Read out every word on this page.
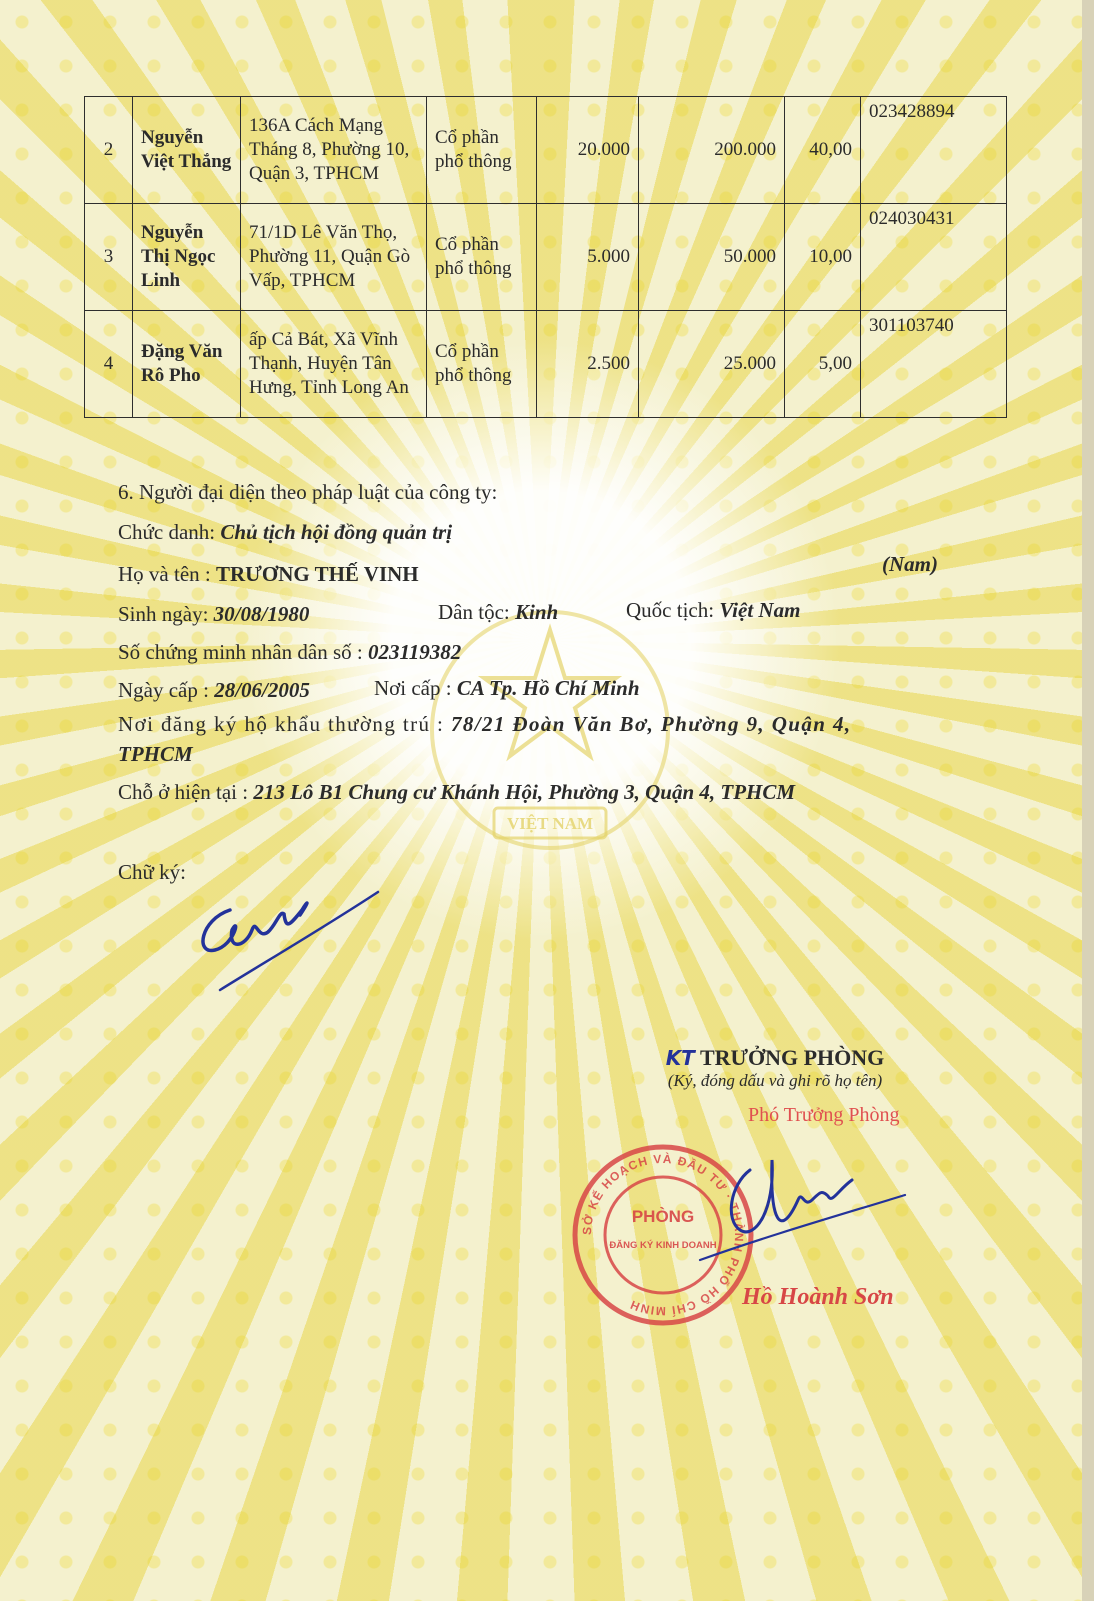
VIỆT NAM
2	Nguyễn Việt Thắng	136A Cách Mạng Tháng 8, Phường 10, Quận 3, TPHCM	Cổ phần phổ thông	20.000	200.000	40,00	023428894
3	Nguyễn Thị Ngọc Linh	71/1D Lê Văn Thọ, Phường 11, Quận Gò Vấp, TPHCM	Cổ phần phổ thông	5.000	50.000	10,00	024030431
4	Đặng Văn Rô Pho	ấp Cả Bát, Xã Vĩnh Thạnh, Huyện Tân Hưng, Tỉnh Long An	Cổ phần phổ thông	2.500	25.000	5,00	301103740
6. Người đại diện theo pháp luật của công ty:
Chức danh: Chủ tịch hội đồng quản trị
Họ và tên : TRƯƠNG THẾ VINH	(Nam)
Sinh ngày: 30/08/1980	Dân tộc: Kinh	Quốc tịch: Việt Nam
Số chứng minh nhân dân số : 023119382
Ngày cấp : 28/06/2005	Nơi cấp : CA Tp. Hồ Chí Minh
Nơi đăng ký hộ khẩu thường trú : 78/21 Đoàn Văn Bơ, Phường 9, Quận 4,
TPHCM
Chỗ ở hiện tại : 213 Lô B1 Chung cư Khánh Hội, Phường 3, Quận 4, TPHCM
Chữ ký:
KT TRƯỞNG PHÒNG
(Ký, đóng dấu và ghi rõ họ tên)
Phó Trưởng Phòng
SỞ KẾ HOẠCH VÀ ĐẦU TƯ · THÀNH PHỐ HỒ CHÍ MINH
PHÒNG
ĐĂNG KÝ KINH DOANH
Hồ Hoành Sơn
